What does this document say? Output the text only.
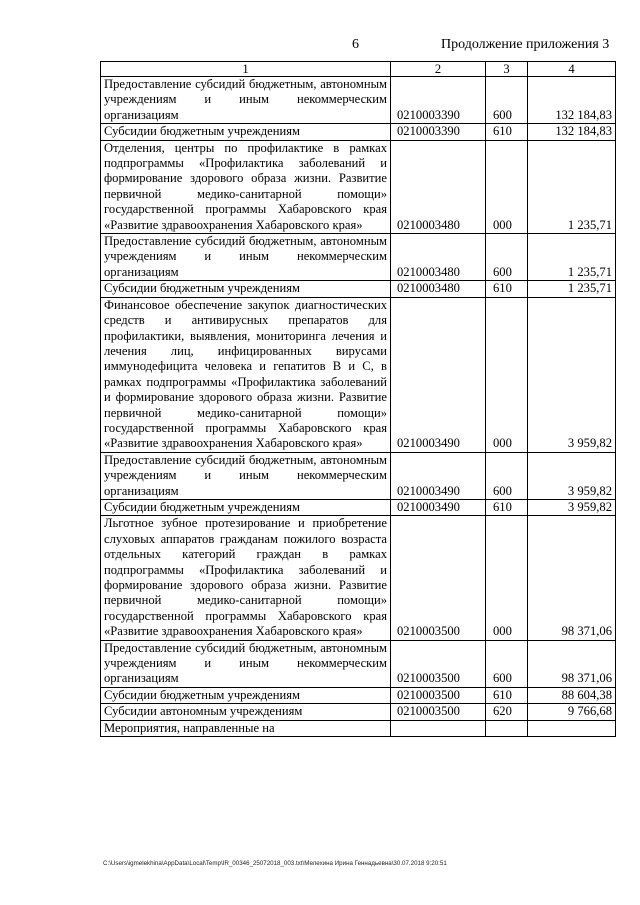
6	Продолжение приложения 3
1	2	3	4
Предоставление субсидий бюджетным, автономным учреждениям и иным некоммерческим организациям	0210003390	600	132 184,83
Субсидии бюджетным учреждениям	0210003390	610	132 184,83
Отделения, центры по профилактике в рамках подпрограммы «Профилактика заболеваний и формирование здорового образа жизни. Развитие первичной медико-санитарной помощи» государственной программы Хабаровского края «Развитие здравоохранения Хабаровского края»	0210003480	000	1 235,71
Предоставление субсидий бюджетным, автономным учреждениям и иным некоммерческим организациям	0210003480	600	1 235,71
Субсидии бюджетным учреждениям	0210003480	610	1 235,71
Финансовое обеспечение закупок диагностических средств и антивирусных препаратов для профилактики, выявления, мониторинга лечения и лечения лиц, инфицированных вирусами иммунодефицита человека и гепатитов В и С, в рамках подпрограммы «Профилактика заболеваний и формирование здорового образа жизни. Развитие первичной медико-санитарной помощи» государственной программы Хабаровского края «Развитие здравоохранения Хабаровского края»	0210003490	000	3 959,82
Предоставление субсидий бюджетным, автономным учреждениям и иным некоммерческим организациям	0210003490	600	3 959,82
Субсидии бюджетным учреждениям	0210003490	610	3 959,82
Льготное зубное протезирование и приобретение слуховых аппаратов гражданам пожилого возраста отдельных категорий граждан в рамках подпрограммы «Профилактика заболеваний и формирование здорового образа жизни. Развитие первичной медико-санитарной помощи» государственной программы Хабаровского края «Развитие здравоохранения Хабаровского края»	0210003500	000	98 371,06
Предоставление субсидий бюджетным, автономным учреждениям и иным некоммерческим организациям	0210003500	600	98 371,06
Субсидии бюджетным учреждениям	0210003500	610	88 604,38
Субсидии автономным учреждениям	0210003500	620	9 766,68
Мероприятия, направленные на			
C:\Users\igmelekhina\AppData\Local\Temp\IR_00346_25072018_003.txt\Мелехина Ирина Геннадьевна\30.07.2018 9:20:51
